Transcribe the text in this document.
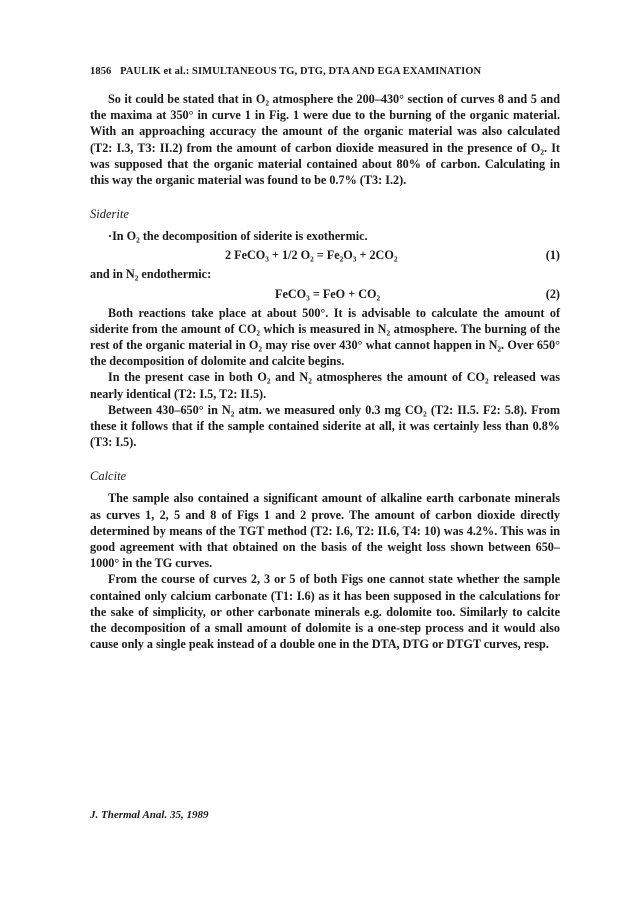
1856 PAULIK et al.: SIMULTANEOUS TG, DTG, DTA AND EGA EXAMINATION

So it could be stated that in O₂ atmosphere the 200–430° section of curves 8 and 5 and the maxima at 350° in curve 1 in Fig. 1 were due to the burning of the organic material. With an approaching accuracy the amount of the organic material was also calculated (T2: I.3, T3: II.2) from the amount of carbon dioxide measured in the presence of O₂. It was supposed that the organic material contained about 80% of carbon. Calculating in this way the organic material was found to be 0.7% (T3: I.2).

Siderite

·In O₂ the decomposition of siderite is exothermic.

2 FeCO₃ + 1/2 O₂ = Fe₂O₃ + 2CO₂	(1)

and in N₂ endothermic:

FeCO₃ = FeO + CO₂	(2)

Both reactions take place at about 500°. It is advisable to calculate the amount of siderite from the amount of CO₂ which is measured in N₂ atmosphere. The burning of the rest of the organic material in O₂ may rise over 430° what cannot happen in N₂. Over 650° the decomposition of dolomite and calcite begins.

In the present case in both O₂ and N₂ atmospheres the amount of CO₂ released was nearly identical (T2: I.5, T2: II.5).

Between 430–650° in N₂ atm. we measured only 0.3 mg CO₂ (T2: II.5. F2: 5.8). From these it follows that if the sample contained siderite at all, it was certainly less than 0.8% (T3: I.5).

Calcite

The sample also contained a significant amount of alkaline earth carbonate minerals as curves 1, 2, 5 and 8 of Figs 1 and 2 prove. The amount of carbon dioxide directly determined by means of the TGT method (T2: I.6, T2: II.6, T4: 10) was 4.2%. This was in good agreement with that obtained on the basis of the weight loss shown between 650–1000° in the TG curves.

From the course of curves 2, 3 or 5 of both Figs one cannot state whether the sample contained only calcium carbonate (T1: I.6) as it has been supposed in the calculations for the sake of simplicity, or other carbonate minerals e.g. dolomite too. Similarly to calcite the decomposition of a small amount of dolomite is a one-step process and it would also cause only a single peak instead of a double one in the DTA, DTG or DTGT curves, resp.

J. Thermal Anal. 35, 1989
